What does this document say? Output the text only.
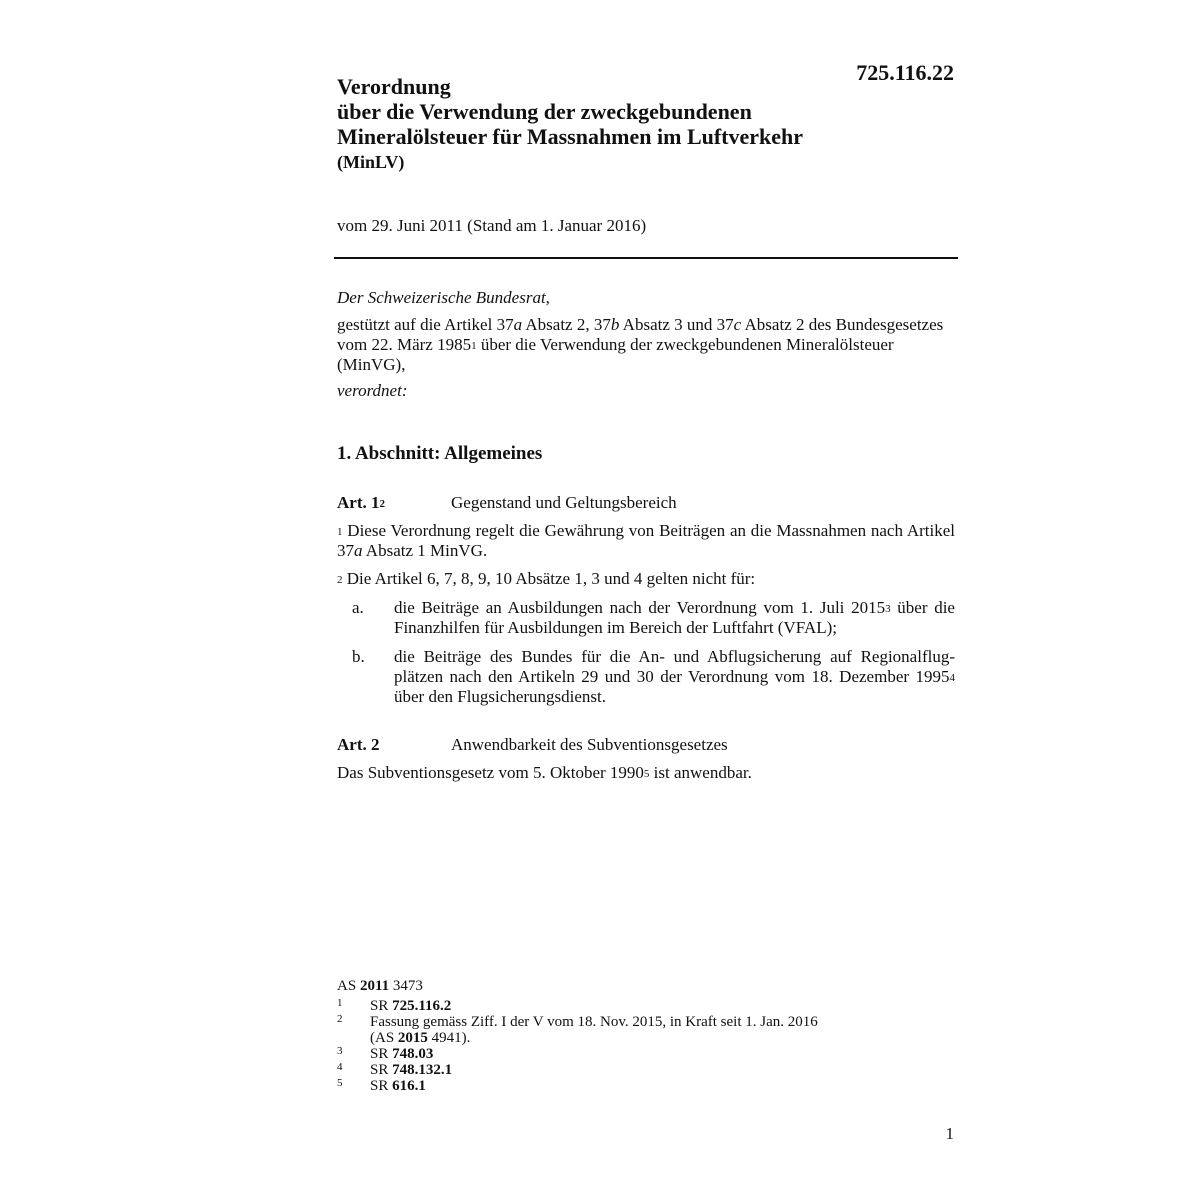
725.116.22
Verordnung
über die Verwendung der zweckgebundenen
Mineralölsteuer für Massnahmen im Luftverkehr
(MinLV)
vom 29. Juni 2011 (Stand am 1. Januar 2016)
Der Schweizerische Bundesrat,
gestützt auf die Artikel 37a Absatz 2, 37b Absatz 3 und 37c Absatz 2 des Bundesgesetzes vom 22. März 1985$^1$ über die Verwendung der zweckgebundenen Mineralölsteuer (MinVG),
verordnet:
1. Abschnitt: Allgemeines
Art. $1^2$	Gegenstand und Geltungsbereich
$^1$ Diese Verordnung regelt die Gewährung von Beiträgen an die Massnahmen nach Artikel 37a Absatz 1 MinVG.
$^2$ Die Artikel 6, 7, 8, 9, 10 Absätze 1, 3 und 4 gelten nicht für:
a. die Beiträge an Ausbildungen nach der Verordnung vom 1. Juli 2015$^3$ über die Finanzhilfen für Ausbildungen im Bereich der Luftfahrt (VFAL);
b. die Beiträge des Bundes für die An- und Abflugsicherung auf Regionalflug-plätzen nach den Artikeln 29 und 30 der Verordnung vom 18. Dezember 1995$^4$ über den Flugsicherungsdienst.
Art. 2	Anwendbarkeit des Subventionsgesetzes
Das Subventionsgesetz vom 5. Oktober 1990$^5$ ist anwendbar.
AS 2011 3473
1 SR 725.116.2
2 Fassung gemäss Ziff. I der V vom 18. Nov. 2015, in Kraft seit 1. Jan. 2016
(AS 2015 4941).
3 SR 748.03
4 SR 748.132.1
5 SR 616.1
1
